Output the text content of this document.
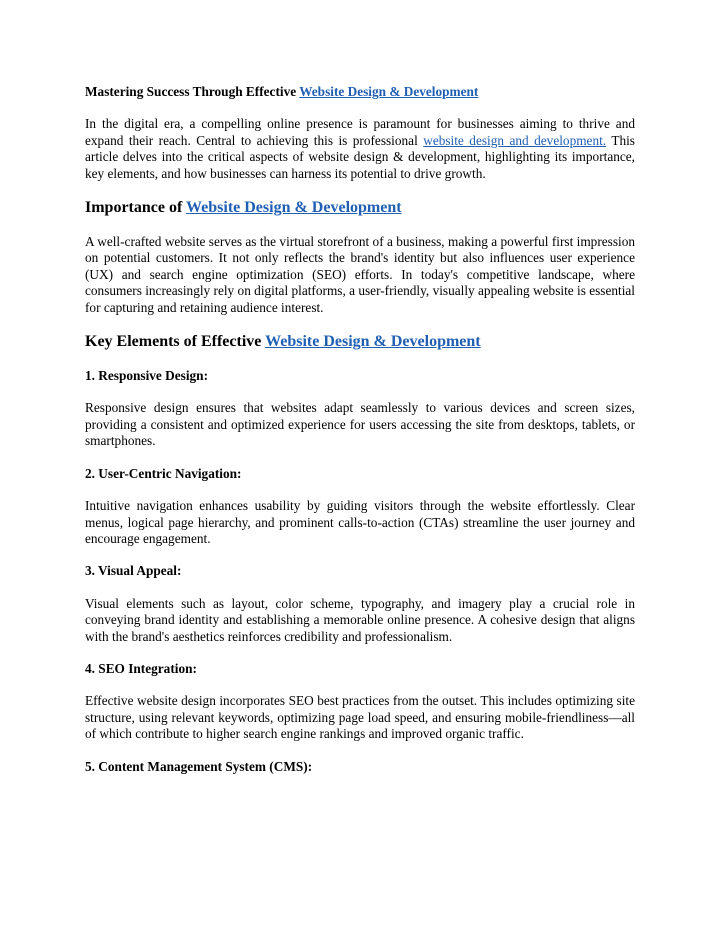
Mastering Success Through Effective Website Design & Development

In the digital era, a compelling online presence is paramount for businesses aiming to thrive and expand their reach. Central to achieving this is professional website design and development. This article delves into the critical aspects of website design & development, highlighting its importance, key elements, and how businesses can harness its potential to drive growth.

Importance of Website Design & Development

A well-crafted website serves as the virtual storefront of a business, making a powerful first impression on potential customers. It not only reflects the brand's identity but also influences user experience (UX) and search engine optimization (SEO) efforts. In today's competitive landscape, where consumers increasingly rely on digital platforms, a user-friendly, visually appealing website is essential for capturing and retaining audience interest.

Key Elements of Effective Website Design & Development

1. Responsive Design:

Responsive design ensures that websites adapt seamlessly to various devices and screen sizes, providing a consistent and optimized experience for users accessing the site from desktops, tablets, or smartphones.

2. User-Centric Navigation:

Intuitive navigation enhances usability by guiding visitors through the website effortlessly. Clear menus, logical page hierarchy, and prominent calls-to-action (CTAs) streamline the user journey and encourage engagement.

3. Visual Appeal:

Visual elements such as layout, color scheme, typography, and imagery play a crucial role in conveying brand identity and establishing a memorable online presence. A cohesive design that aligns with the brand's aesthetics reinforces credibility and professionalism.

4. SEO Integration:

Effective website design incorporates SEO best practices from the outset. This includes optimizing site structure, using relevant keywords, optimizing page load speed, and ensuring mobile-friendliness—all of which contribute to higher search engine rankings and improved organic traffic.

5. Content Management System (CMS):
